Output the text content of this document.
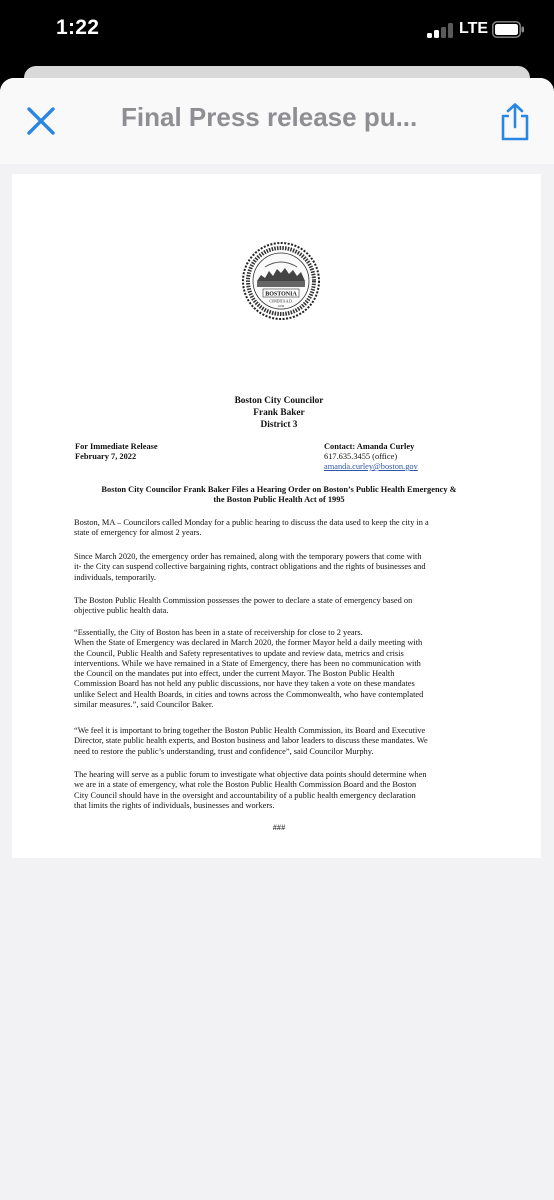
1:22	LTE
Final Press release pu...
BOSTONIA
CONDITA A.D.
1630
Boston City Councilor
Frank Baker
District 3
For Immediate Release
February 7, 2022
Contact: Amanda Curley
617.635.3455 (office)
amanda.curley@boston.gov
Boston City Councilor Frank Baker Files a Hearing Order on Boston’s Public Health Emergency &
the Boston Public Health Act of 1995

Boston, MA – Councilors called Monday for a public hearing to discuss the data used to keep the city in a

state of emergency for almost 2 years.

Since March 2020, the emergency order has remained, along with the temporary powers that come with

it- the City can suspend collective bargaining rights, contract obligations and the rights of businesses and

individuals, temporarily.

The Boston Public Health Commission possesses the power to declare a state of emergency based on

objective public health data.

“Essentially, the City of Boston has been in a state of receivership for close to 2 years.

When the State of Emergency was declared in March 2020, the former Mayor held a daily meeting with

the Council, Public Health and Safety representatives to update and review data, metrics and crisis

interventions. While we have remained in a State of Emergency, there has been no communication with

the Council on the mandates put into effect, under the current Mayor. The Boston Public Health

Commission Board has not held any public discussions, nor have they taken a vote on these mandates

unlike Select and Health Boards, in cities and towns across the Commonwealth, who have contemplated

similar measures.”, said Councilor Baker.

“We feel it is important to bring together the Boston Public Health Commission, its Board and Executive

Director, state public health experts, and Boston business and labor leaders to discuss these mandates. We

need to restore the public’s understanding, trust and confidence”, said Councilor Murphy.

The hearing will serve as a public forum to investigate what objective data points should determine when

we are in a state of emergency, what role the Boston Public Health Commission Board and the Boston

City Council should have in the oversight and accountability of a public health emergency declaration

that limits the rights of individuals, businesses and workers.

###
